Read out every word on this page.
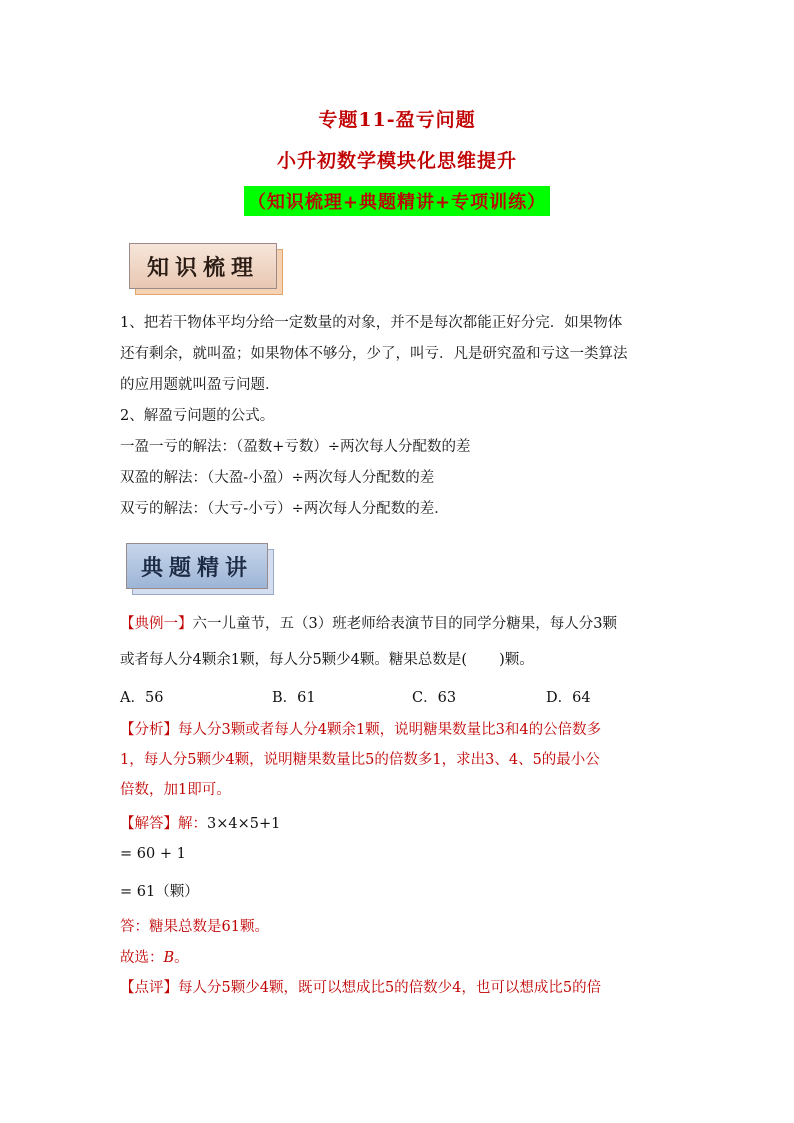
专题11-盈亏问题
小升初数学模块化思维提升
（知识梳理+典题精讲+专项训练）
知识梳理
1、把若干物体平均分给一定数量的对象，并不是每次都能正好分完．如果物体
还有剩余，就叫盈；如果物体不够分，少了，叫亏．凡是研究盈和亏这一类算法
的应用题就叫盈亏问题．
2、解盈亏问题的公式。
一盈一亏的解法：（盈数+亏数）÷两次每人分配数的差
双盈的解法：（大盈-小盈）÷两次每人分配数的差
双亏的解法：（大亏-小亏）÷两次每人分配数的差．
典题精讲
【典例一】六一儿童节，五（3）班老师给表演节目的同学分糖果，每人分3颗
或者每人分4颗余1颗，每人分5颗少4颗。糖果总数是( )颗。
A．56	B．61	C．63	D．64
【分析】每人分3颗或者每人分4颗余1颗，说明糖果数量比3和4的公倍数多
1，每人分5颗少4颗，说明糖果数量比5的倍数多1，求出3、4、5的最小公
倍数，加1即可。
【解答】解：3×4×5+1
= 60 + 1
= 61（颗）
答：糖果总数是61颗。
故选：B。
【点评】每人分5颗少4颗，既可以想成比5的倍数少4，也可以想成比5的倍
